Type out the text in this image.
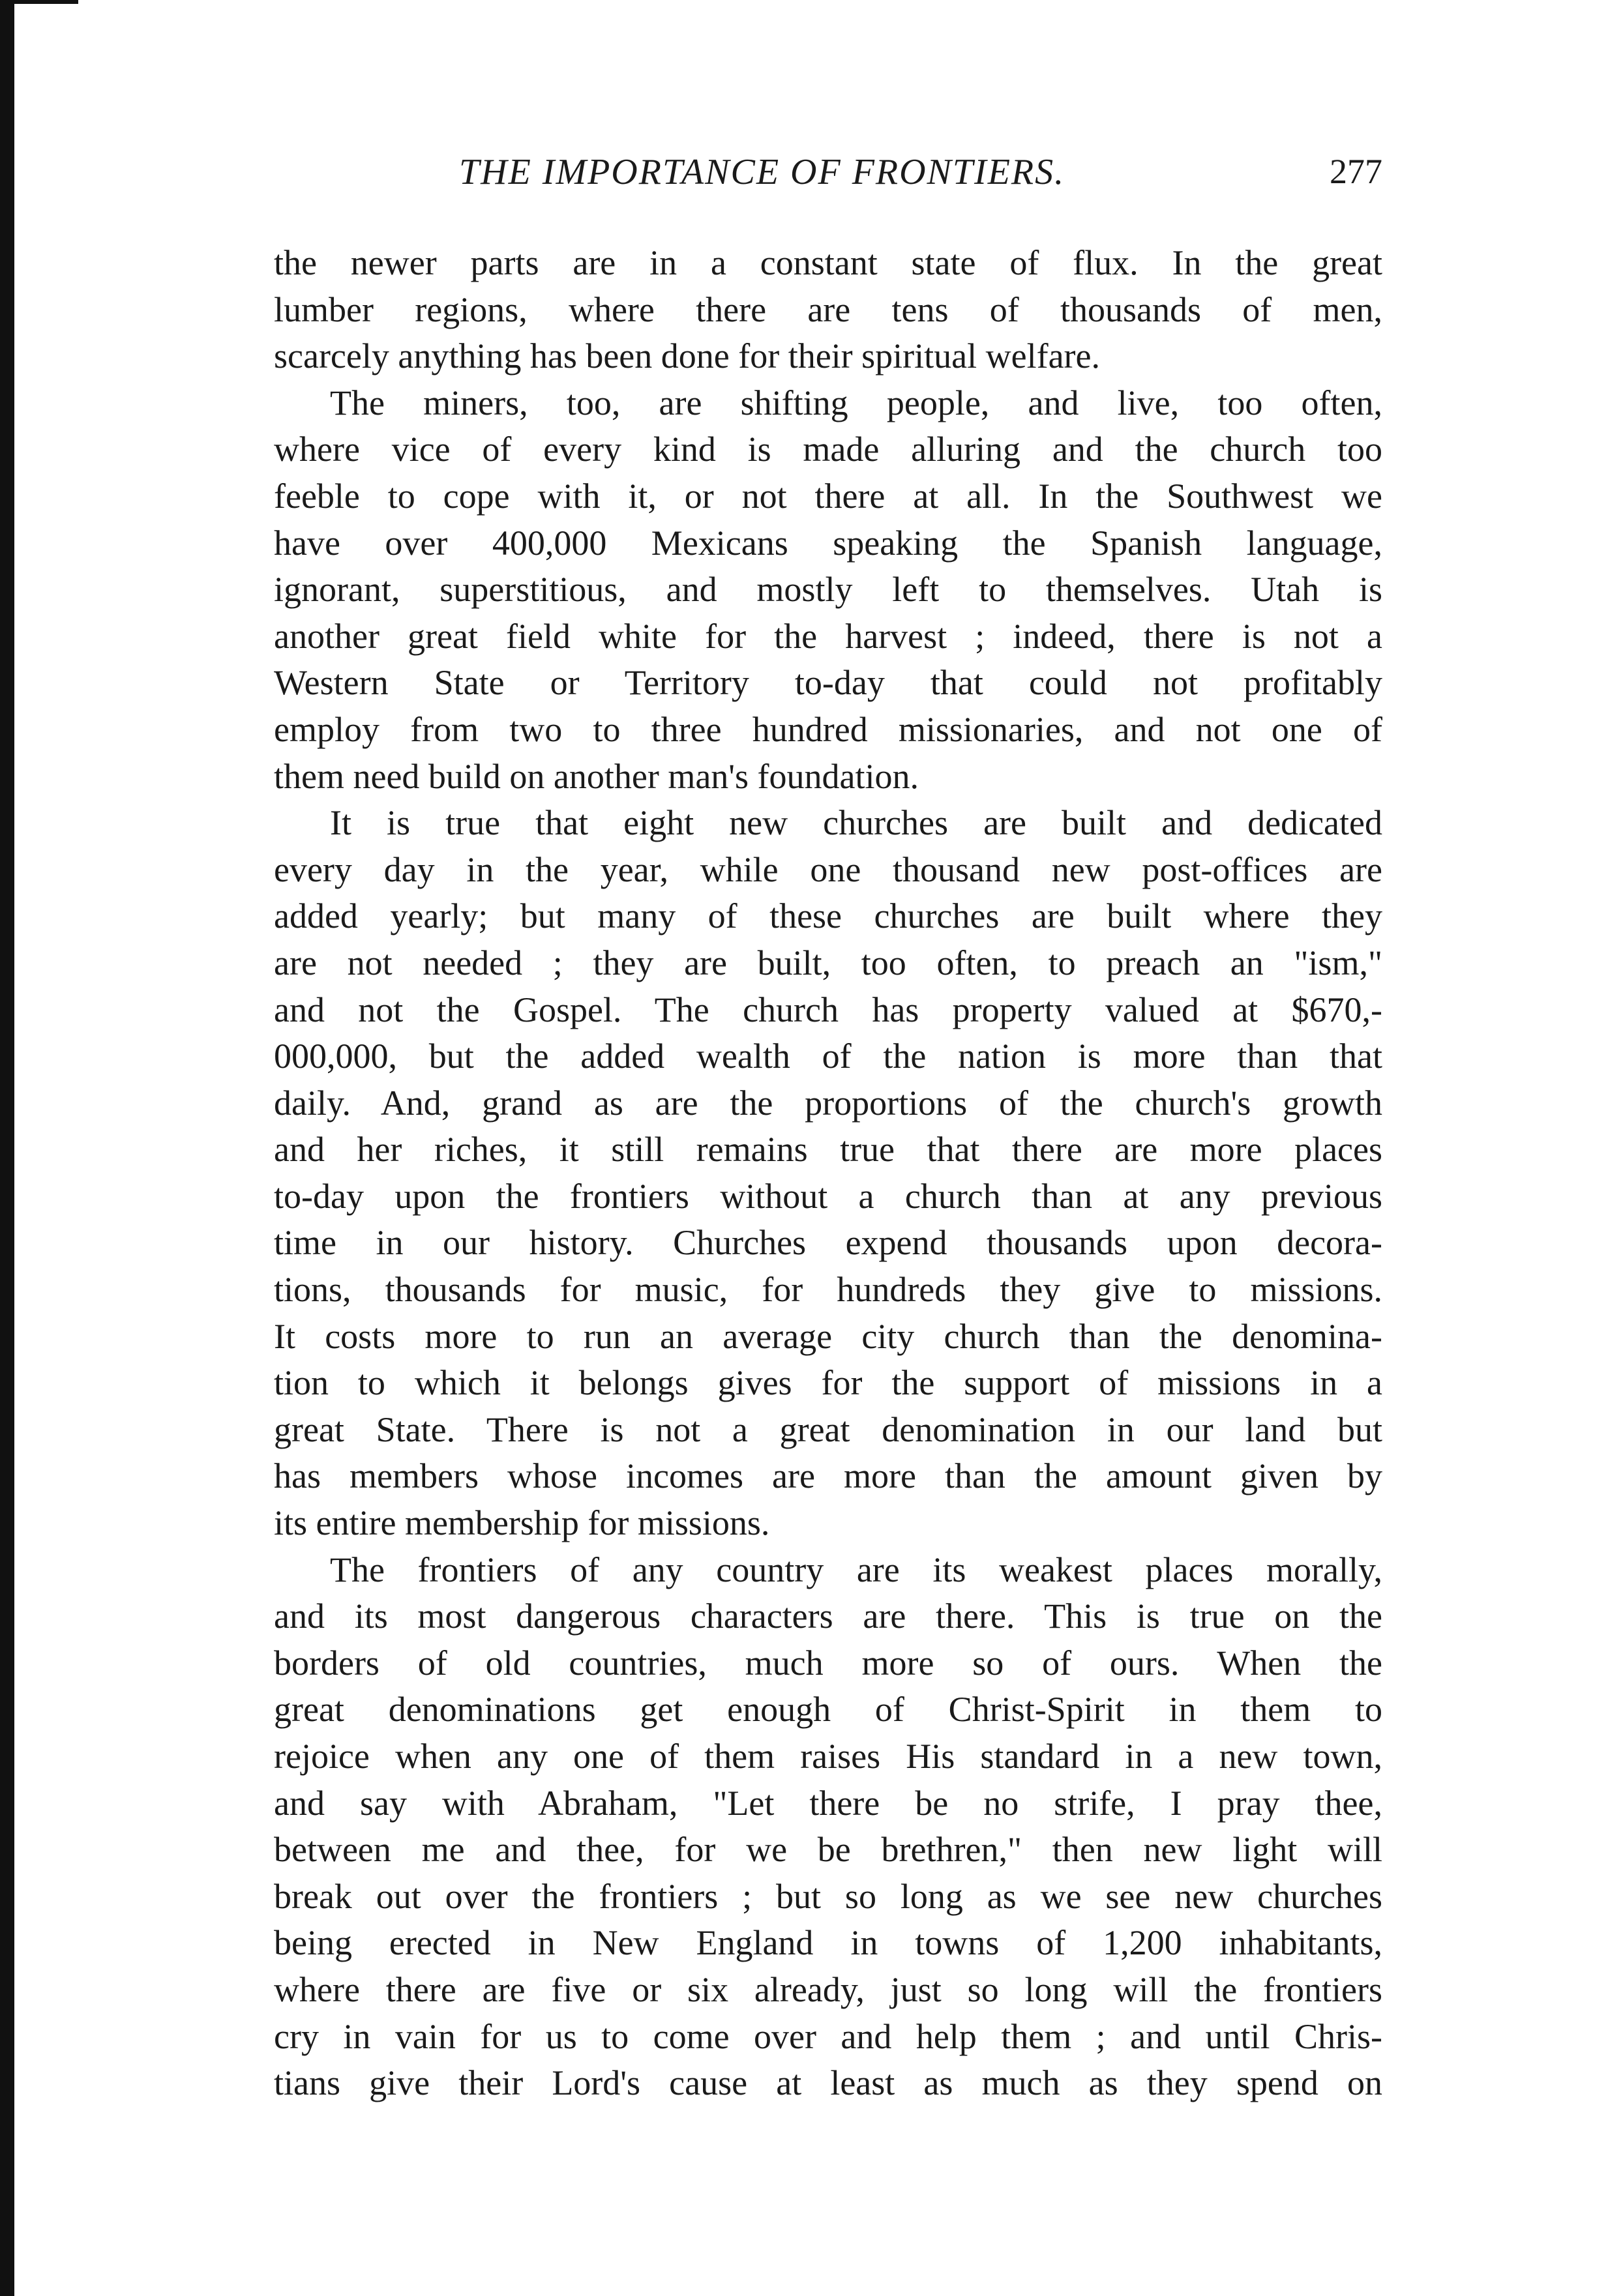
THE IMPORTANCE OF FRONTIERS.	277
the newer parts are in a constant state of flux. In the great
lumber regions, where there are tens of thousands of men,
scarcely anything has been done for their spiritual welfare.
The miners, too, are shifting people, and live, too often,
where vice of every kind is made alluring and the church too
feeble to cope with it, or not there at all. In the Southwest we
have over 400,000 Mexicans speaking the Spanish language,
ignorant, superstitious, and mostly left to themselves. Utah is
another great field white for the harvest ; indeed, there is not a
Western State or Territory to-day that could not profitably
employ from two to three hundred missionaries, and not one of
them need build on another man's foundation.
It is true that eight new churches are built and dedicated
every day in the year, while one thousand new post-offices are
added yearly; but many of these churches are built where they
are not needed ; they are built, too often, to preach an "ism,"
and not the Gospel. The church has property valued at $670,-
000,000, but the added wealth of the nation is more than that
daily. And, grand as are the proportions of the church's growth
and her riches, it still remains true that there are more places
to-day upon the frontiers without a church than at any previous
time in our history. Churches expend thousands upon decora-
tions, thousands for music, for hundreds they give to missions.
It costs more to run an average city church than the denomina-
tion to which it belongs gives for the support of missions in a
great State. There is not a great denomination in our land but
has members whose incomes are more than the amount given by
its entire membership for missions.
The frontiers of any country are its weakest places morally,
and its most dangerous characters are there. This is true on the
borders of old countries, much more so of ours. When the
great denominations get enough of Christ-Spirit in them to
rejoice when any one of them raises His standard in a new town,
and say with Abraham, "Let there be no strife, I pray thee,
between me and thee, for we be brethren," then new light will
break out over the frontiers ; but so long as we see new churches
being erected in New England in towns of 1,200 inhabitants,
where there are five or six already, just so long will the frontiers
cry in vain for us to come over and help them ; and until Chris-
tians give their Lord's cause at least as much as they spend on
